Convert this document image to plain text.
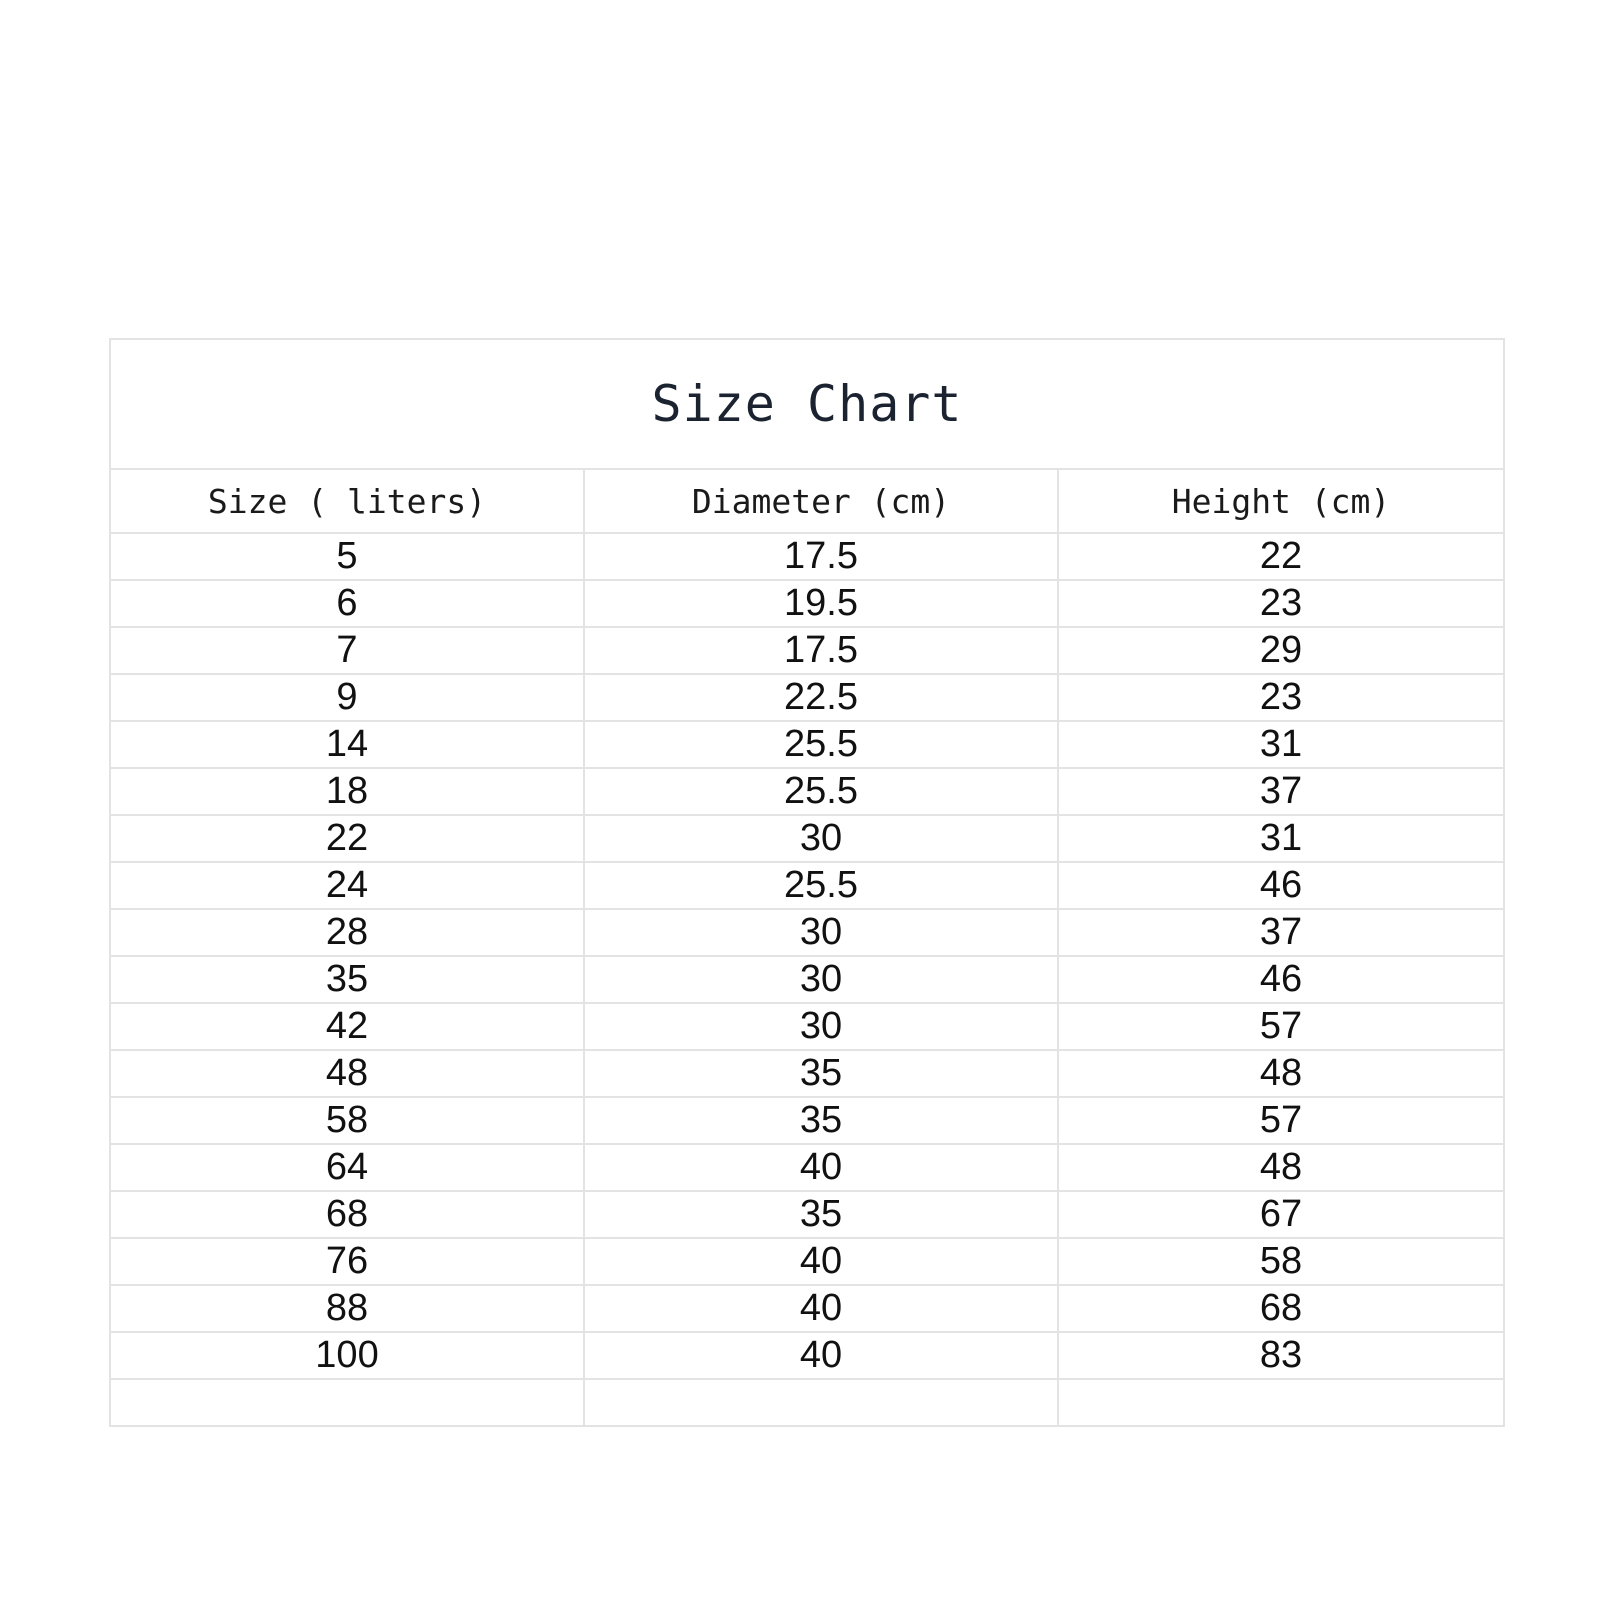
Size Chart		
Size ( liters)	Diameter (cm)	Height (cm)
5	17.5	22
6	19.5	23
7	17.5	29
9	22.5	23
14	25.5	31
18	25.5	37
22	30	31
24	25.5	46
28	30	37
35	30	46
42	30	57
48	35	48
58	35	57
64	40	48
68	35	67
76	40	58
88	40	68
100	40	83
